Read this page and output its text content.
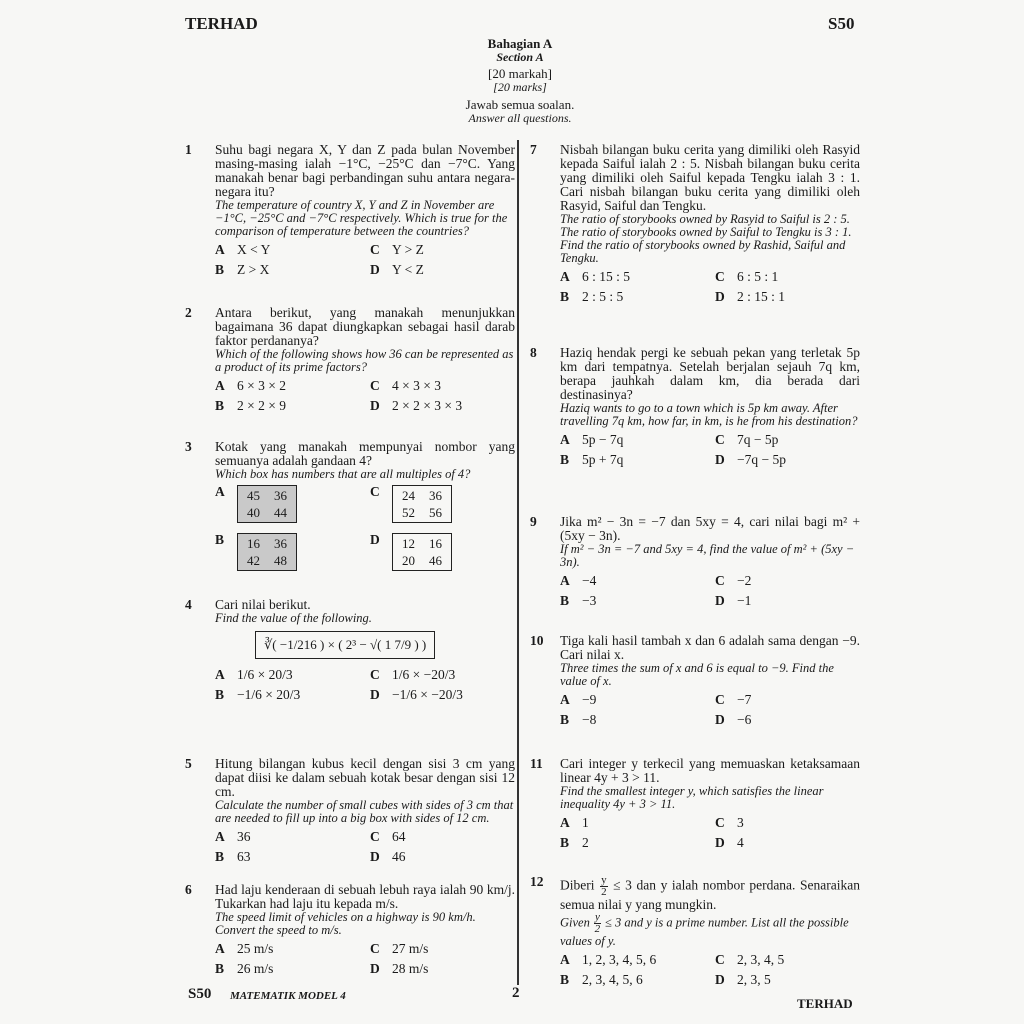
TERHAD	S50
Bahagian A
Section A
[20 markah]
[20 marks]
Jawab semua soalan.
Answer all questions.
1 Suhu bagi negara X, Y dan Z pada bulan November masing-masing ialah −1°C, −25°C dan −7°C. Yang manakah benar bagi perbandingan suhu antara negara-negara itu?
The temperature of country X, Y and Z in November are −1°C, −25°C and −7°C respectively. Which is true for the comparison of temperature between the countries?
A X < Y	C Y > Z
B Z > X	D Y < Z
2 Antara berikut, yang manakah menunjukkan bagaimana 36 dapat diungkapkan sebagai hasil darab faktor perdananya?
Which of the following shows how 36 can be represented as a product of its prime factors?
A 6 × 3 × 2	C 4 × 3 × 3
B 2 × 2 × 9	D 2 × 2 × 3 × 3
3 Kotak yang manakah mempunyai nombor yang semuanya adalah gandaan 4?
Which box has numbers that are all multiples of 4?
A	45	36
40	44
C	24	36
52	56
B	16	36
42	48
D	12	16
20	46
4 Cari nilai berikut.
Find the value of the following.
∛( −1/216 ) × ( 2³ − √( 1 7/9 ) )
A 1/6 × 20/3	C 1/6 × −20/3
B −1/6 × 20/3	D −1/6 × −20/3
5 Hitung bilangan kubus kecil dengan sisi 3 cm yang dapat diisi ke dalam sebuah kotak besar dengan sisi 12 cm.
Calculate the number of small cubes with sides of 3 cm that are needed to fill up into a big box with sides of 12 cm.
A 36	C 64
B 63	D 46
6 Had laju kenderaan di sebuah lebuh raya ialah 90 km/j. Tukarkan had laju itu kepada m/s.
The speed limit of vehicles on a highway is 90 km/h. Convert the speed to m/s.
A 25 m/s	C 27 m/s
B 26 m/s	D 28 m/s
7 Nisbah bilangan buku cerita yang dimiliki oleh Rasyid kepada Saiful ialah 2 : 5. Nisbah bilangan buku cerita yang dimiliki oleh Saiful kepada Tengku ialah 3 : 1. Cari nisbah bilangan buku cerita yang dimiliki oleh Rasyid, Saiful dan Tengku.
The ratio of storybooks owned by Rasyid to Saiful is 2 : 5. The ratio of storybooks owned by Saiful to Tengku is 3 : 1. Find the ratio of storybooks owned by Rashid, Saiful and Tengku.
A 6 : 15 : 5	C 6 : 5 : 1
B 2 : 5 : 5	D 2 : 15 : 1
8 Haziq hendak pergi ke sebuah pekan yang terletak 5p km dari tempatnya. Setelah berjalan sejauh 7q km, berapa jauhkah dalam km, dia berada dari destinasinya?
Haziq wants to go to a town which is 5p km away. After travelling 7q km, how far, in km, is he from his destination?
A 5p − 7q	C 7q − 5p
B 5p + 7q	D −7q − 5p
9 Jika m² − 3n = −7 dan 5xy = 4, cari nilai bagi m² + (5xy − 3n).
If m² − 3n = −7 and 5xy = 4, find the value of m² + (5xy − 3n).
A −4	C −2
B −3	D −1
10 Tiga kali hasil tambah x dan 6 adalah sama dengan −9. Cari nilai x.
Three times the sum of x and 6 is equal to −9. Find the value of x.
A −9	C −7
B −8	D −6
11 Cari integer y terkecil yang memuaskan ketaksamaan linear 4y + 3 > 11.
Find the smallest integer y, which satisfies the linear inequality 4y + 3 > 11.
A 1	C 3
B 2	D 4
12 Diberi $\frac{y}{2} \le 3$ dan y ialah nombor perdana. Senaraikan semua nilai y yang mungkin.
Given $\frac{y}{2} \le 3$ and y is a prime number. List all the possible values of y.
A 1, 2, 3, 4, 5, 6	C 2, 3, 4, 5
B 2, 3, 4, 5, 6	D 2, 3, 5
S50 MATEMATIK MODEL 4	2
TERHAD
